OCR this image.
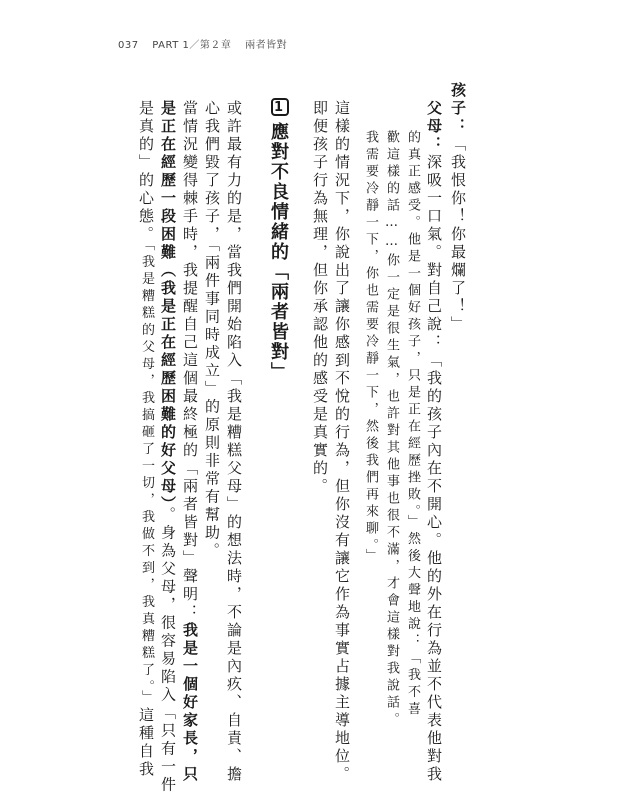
037 PART 1／第２章 兩者皆對
孩子：「我恨你！你最爛了！」
父母：深吸一口氣。對自己說：「我的孩子內在不開心。他的外在行為並不代表他對我
的真正感受。他是一個好孩子，只是正在經歷挫敗。」然後大聲地說：「我不喜
歡這樣的話……你一定是很生氣，也許對其他事也很不滿，才會這樣對我說話。
我需要冷靜一下，你也需要冷靜一下，然後我們再來聊。」
這樣的情況下，你說出了讓你感到不悅的行為，但你沒有讓它作為事實占據主導地位。
即便孩子行為無理，但你承認他的感受是真實的。
1應對不良情緒的「兩者皆對」
或許最有力的是，當我們開始陷入「我是糟糕父母」的想法時，不論是內疚、自責、擔
心我們毀了孩子，「兩件事同時成立」的原則非常有幫助。
當情況變得棘手時，我提醒自己這個最終極的「兩者皆對」聲明：我是一個好家長，只
是正在經歷一段困難（我是正在經歷困難的好父母）。身為父母，很容易陷入「只有一件
是真的」的心態。「我是糟糕的父母，我搞砸了一切，我做不到，我真糟糕了。」這種自我
